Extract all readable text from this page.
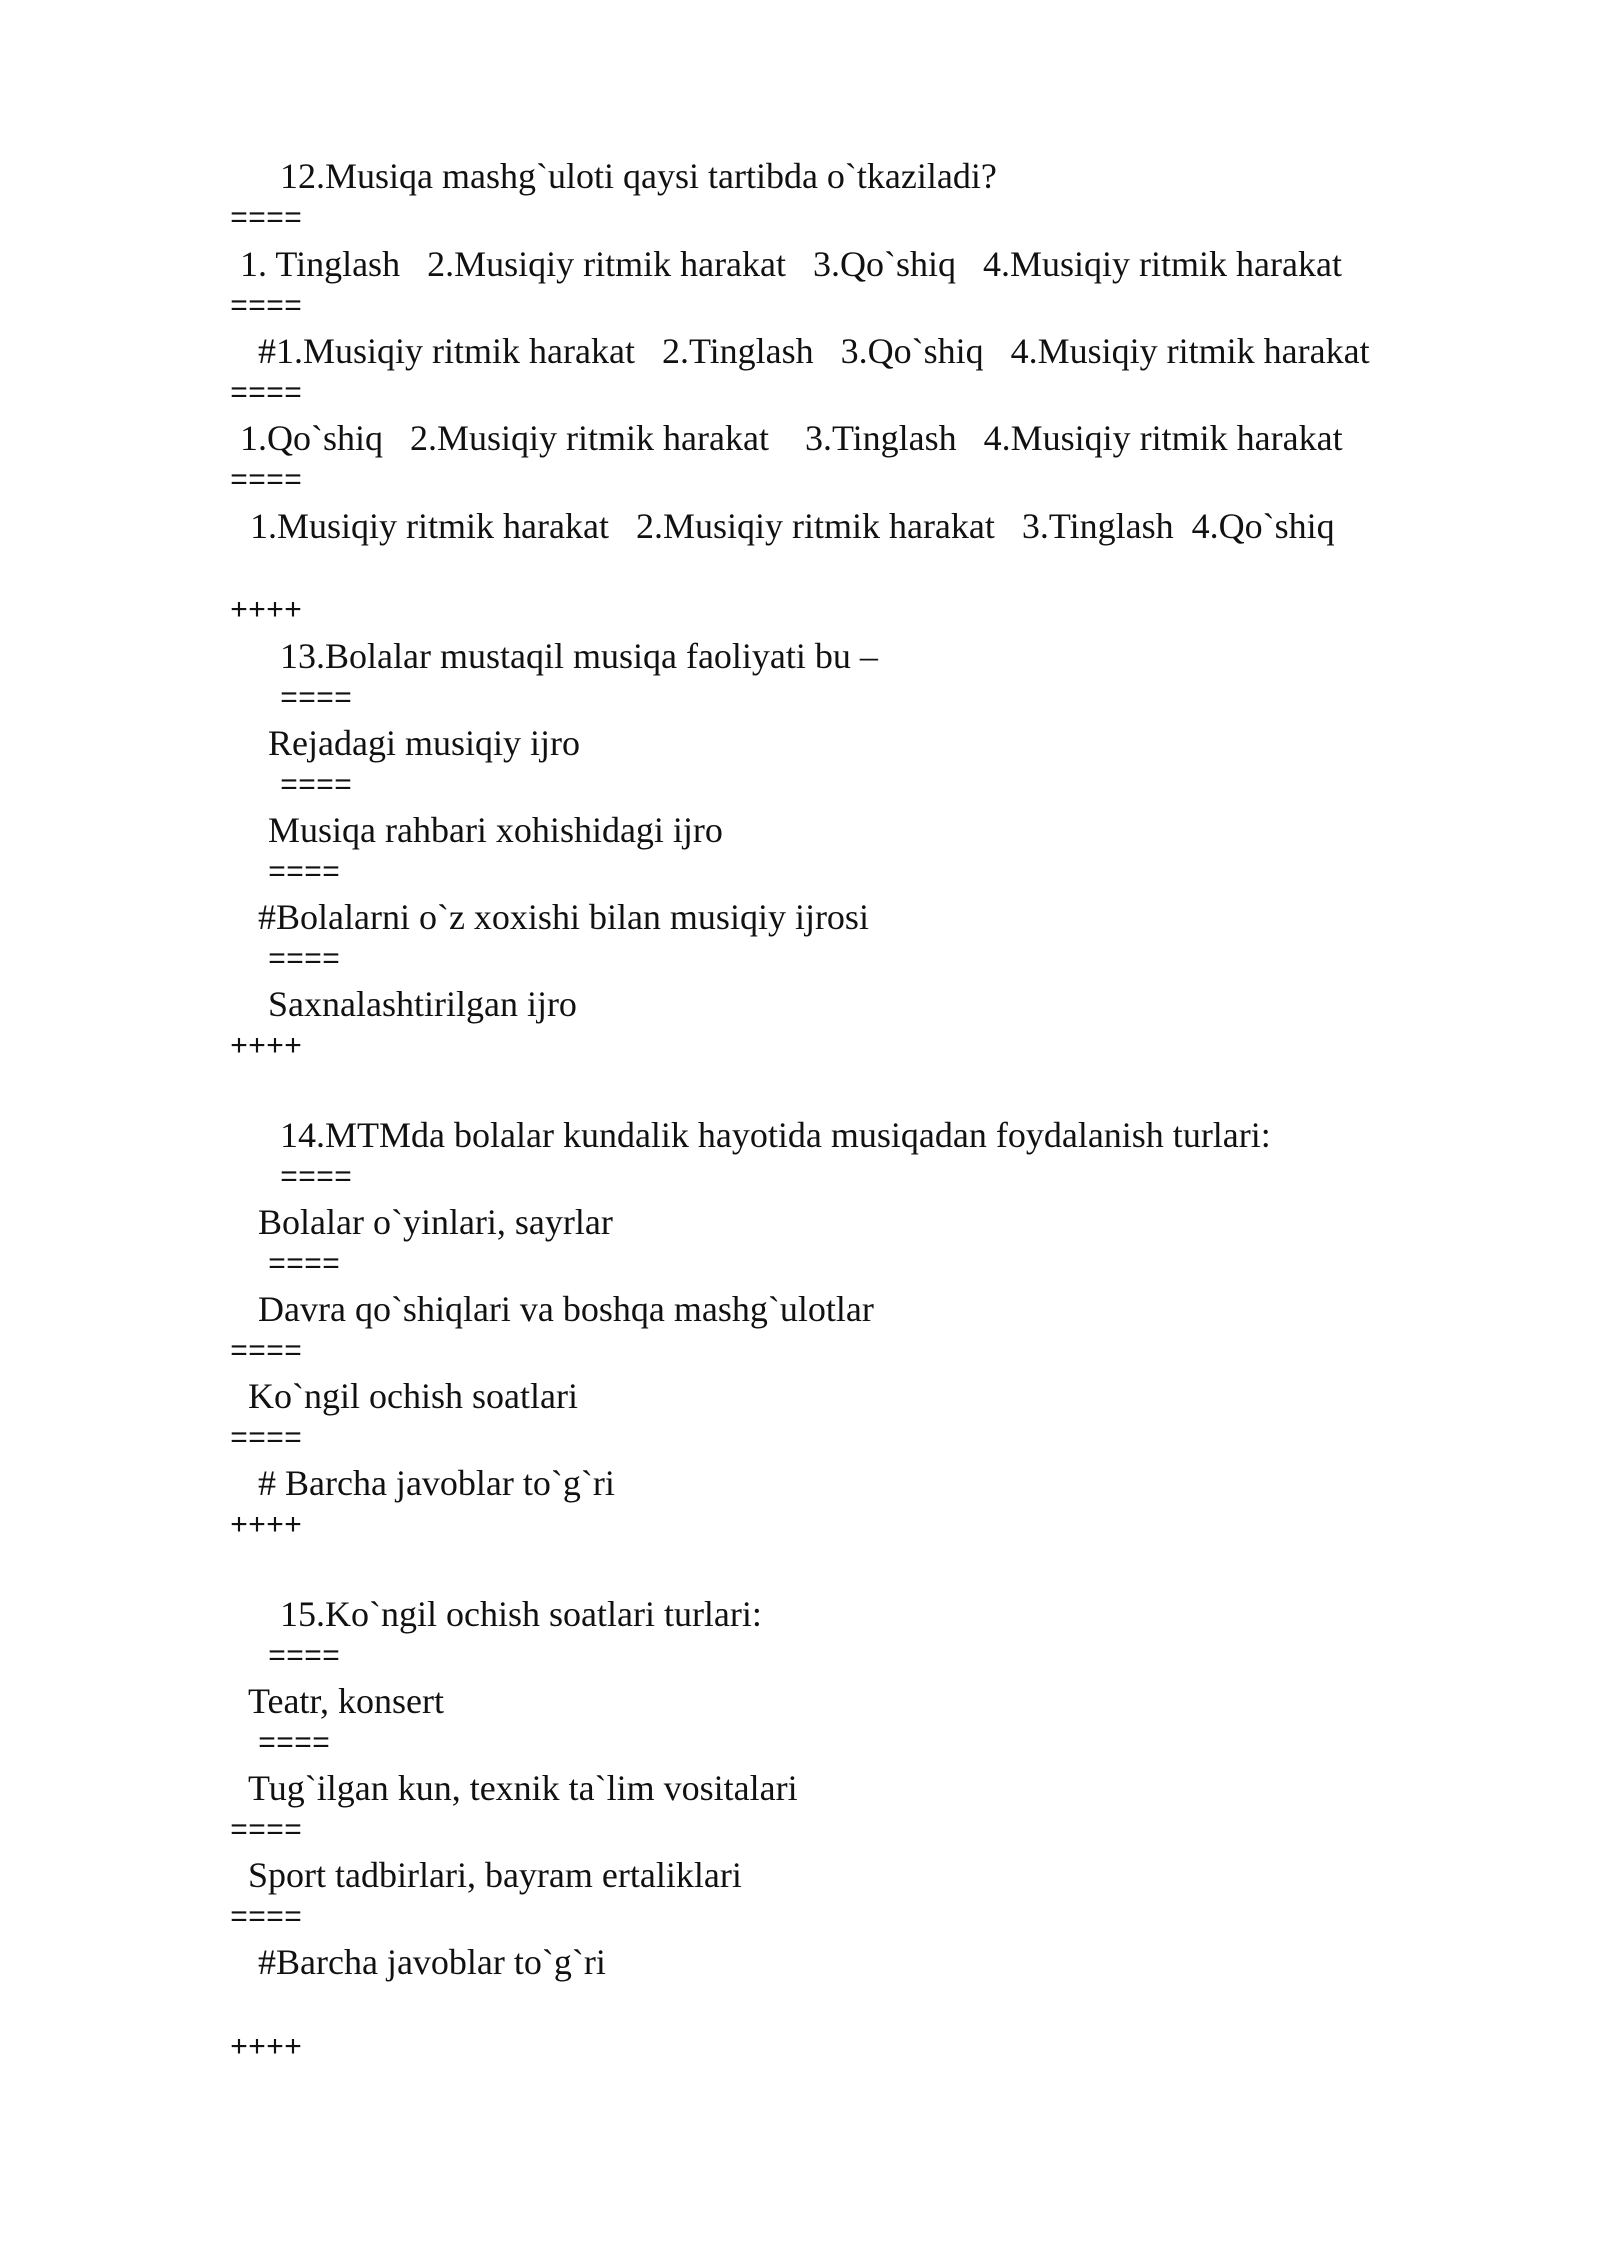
12.Musiqa mashg`uloti qaysi tartibda o`tkaziladi?
====
1. Tinglash   2.Musiqiy ritmik harakat   3.Qo`shiq   4.Musiqiy ritmik harakat
====
#1.Musiqiy ritmik harakat   2.Tinglash   3.Qo`shiq   4.Musiqiy ritmik harakat
====
1.Qo`shiq   2.Musiqiy ritmik harakat    3.Tinglash   4.Musiqiy ritmik harakat
====
1.Musiqiy ritmik harakat   2.Musiqiy ritmik harakat   3.Tinglash  4.Qo`shiq
++++
13.Bolalar mustaqil musiqa faoliyati bu –
====
Rejadagi musiqiy ijro
====
Musiqa rahbari xohishidagi ijro
====
#Bolalarni o`z xoxishi bilan musiqiy ijrosi
====
Saxnalashtirilgan ijro
++++
14.MTMda bolalar kundalik hayotida musiqadan foydalanish turlari:
====
Bolalar o`yinlari, sayrlar
====
Davra qo`shiqlari va boshqa mashg`ulotlar
====
Ko`ngil ochish soatlari
====
# Barcha javoblar to`g`ri
++++
15.Ko`ngil ochish soatlari turlari:
====
Teatr, konsert
====
Tug`ilgan kun, texnik ta`lim vositalari
====
Sport tadbirlari, bayram ertaliklari
====
#Barcha javoblar to`g`ri
++++
